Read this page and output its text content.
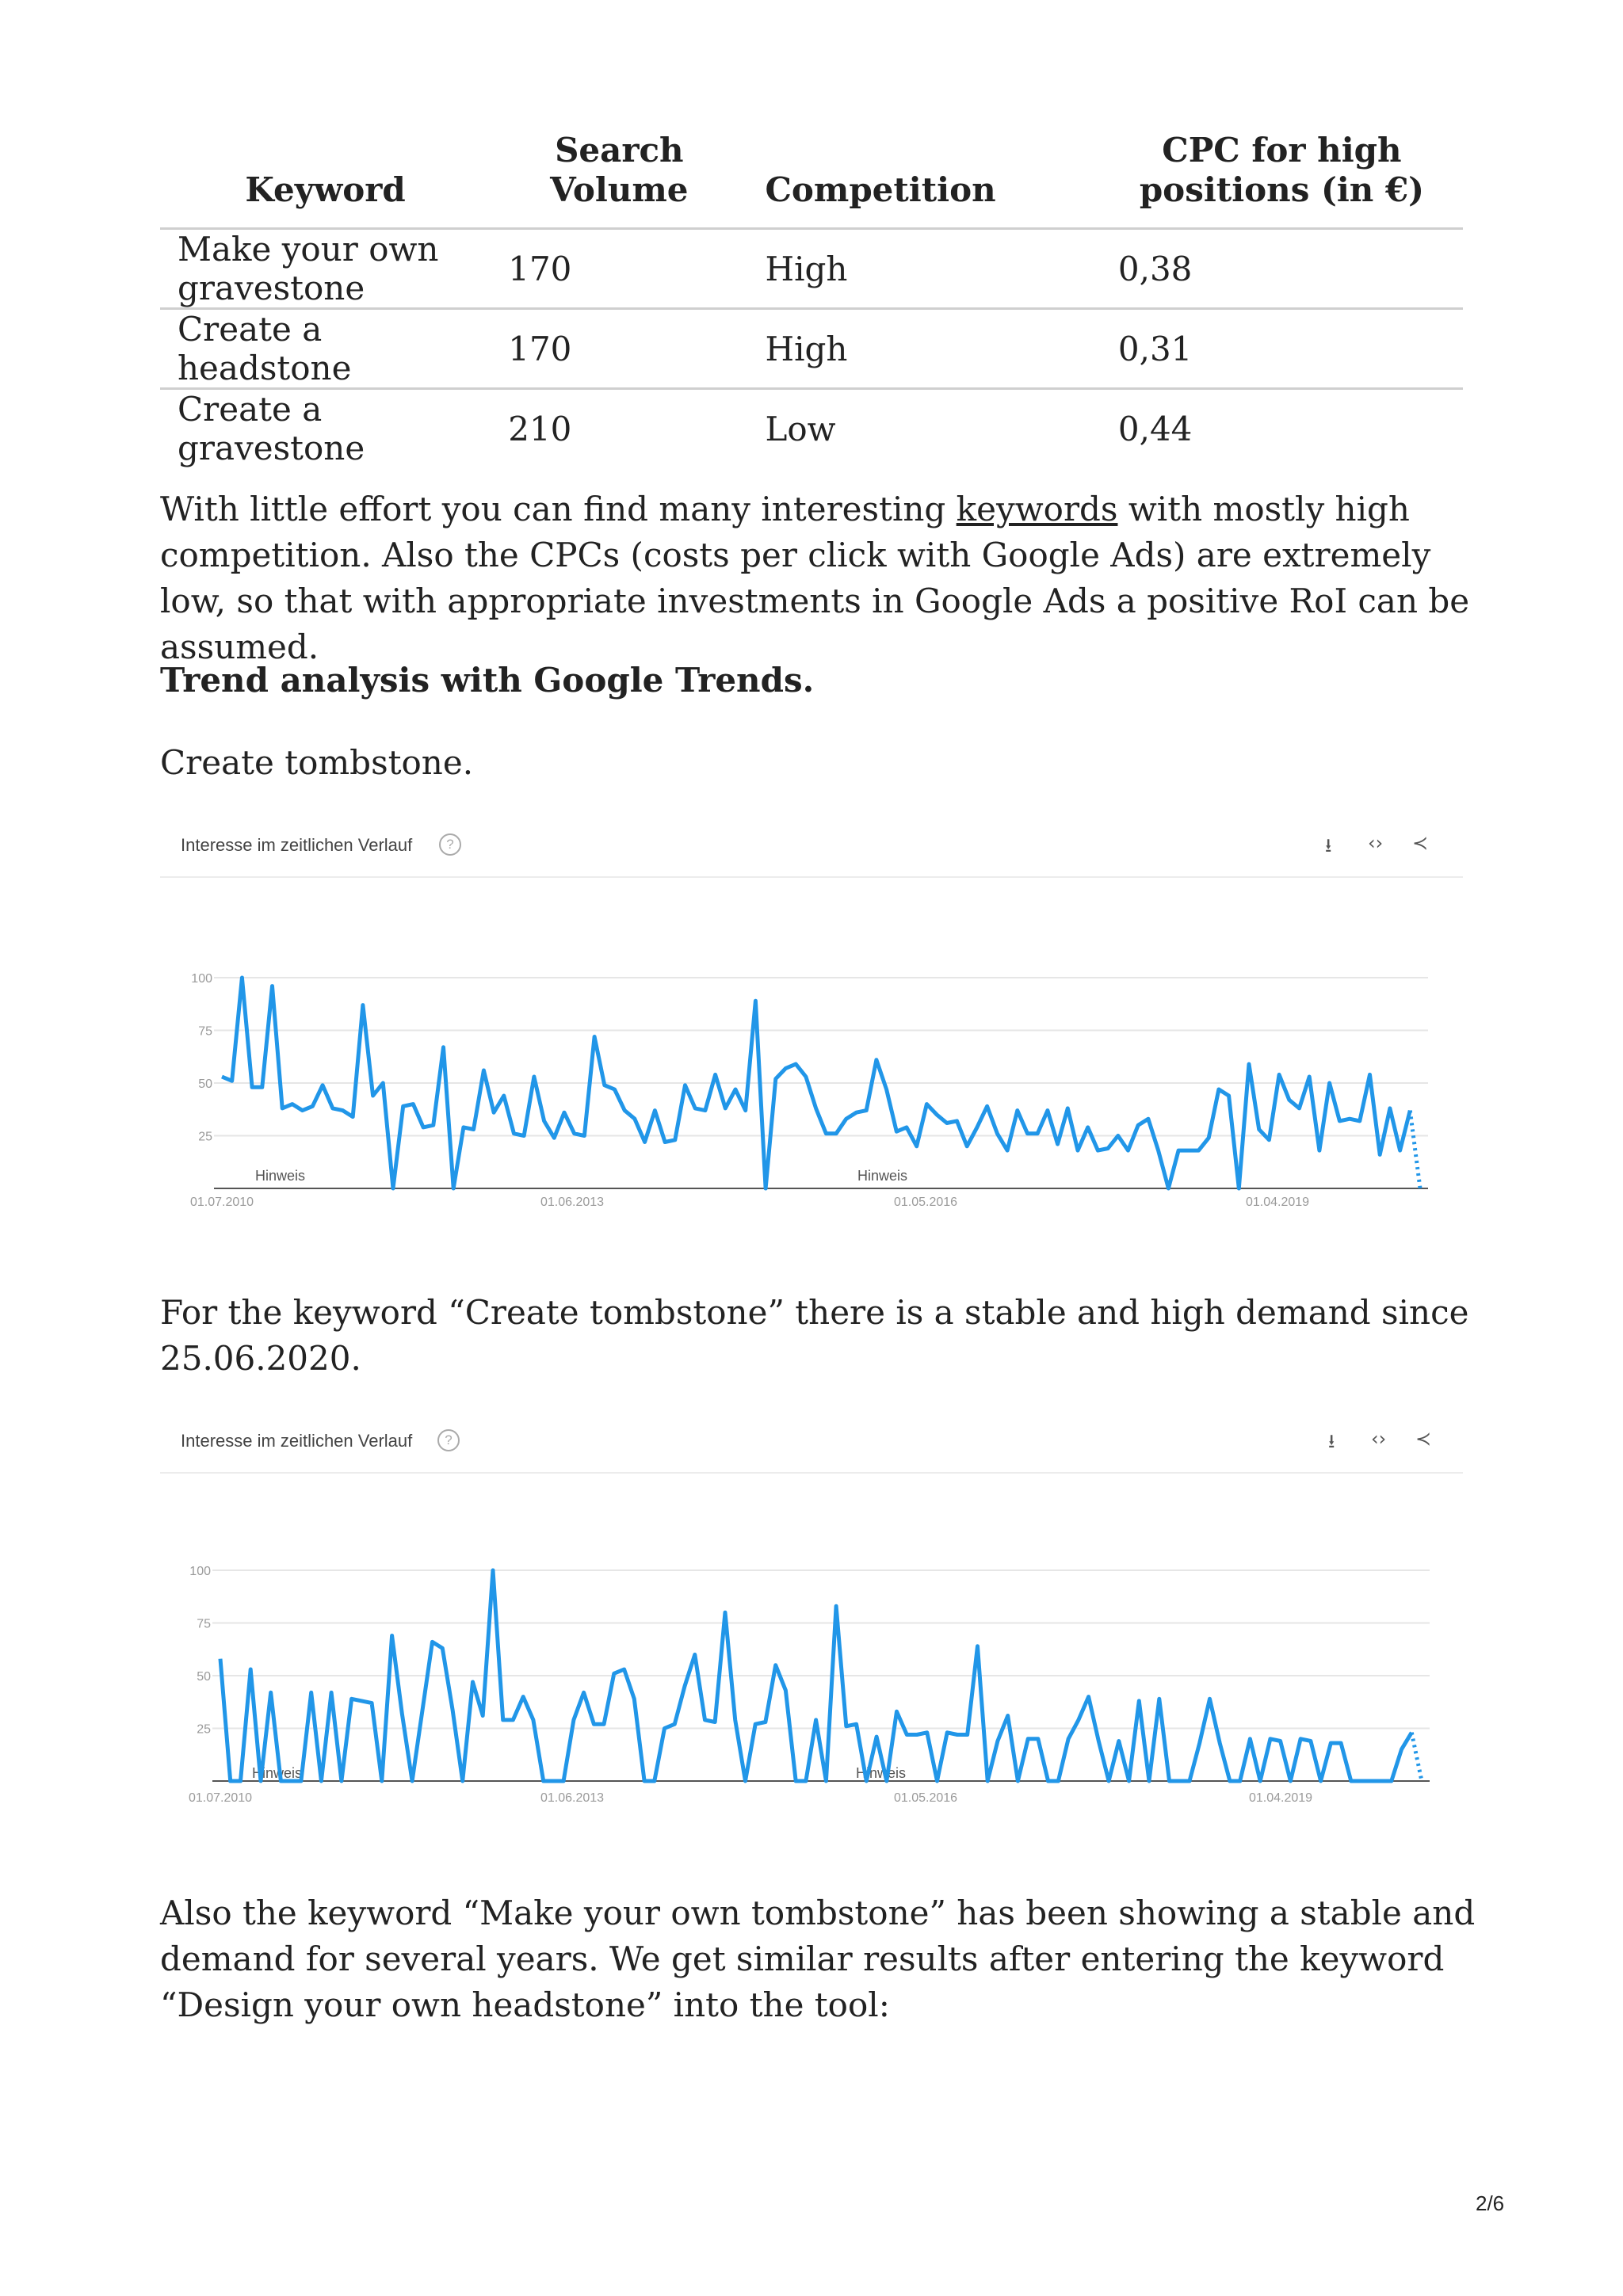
Keyword	Search Volume	Competition	CPC for high positions (in €)
Make your own gravestone	170	High	0,38
Create a headstone	170	High	0,31
Create a gravestone	210	Low	0,44

With little effort you can find many interesting keywords with mostly high competition. Also the CPCs (costs per click with Google Ads) are extremely low, so that with appropriate investments in Google Ads a positive RoI can be assumed.

Trend analysis with Google Trends.

Create tombstone.

Interesse im zeitlichen Verlauf	?	⭳ ‹› ≺
100
75
50
25
01.07.2010	01.06.2013	01.05.2016	01.04.2019
Hinweis	Hinweis

For the keyword “Create tombstone” there is a stable and high demand since 25.06.2020.

Interesse im zeitlichen Verlauf	?	⭳ ‹› ≺
100
75
50
25
01.07.2010	01.06.2013	01.05.2016	01.04.2019
Hinweis	Hinweis

Also the keyword “Make your own tombstone” has been showing a stable and demand for several years. We get similar results after entering the keyword “Design your own headstone” into the tool:

2/6
